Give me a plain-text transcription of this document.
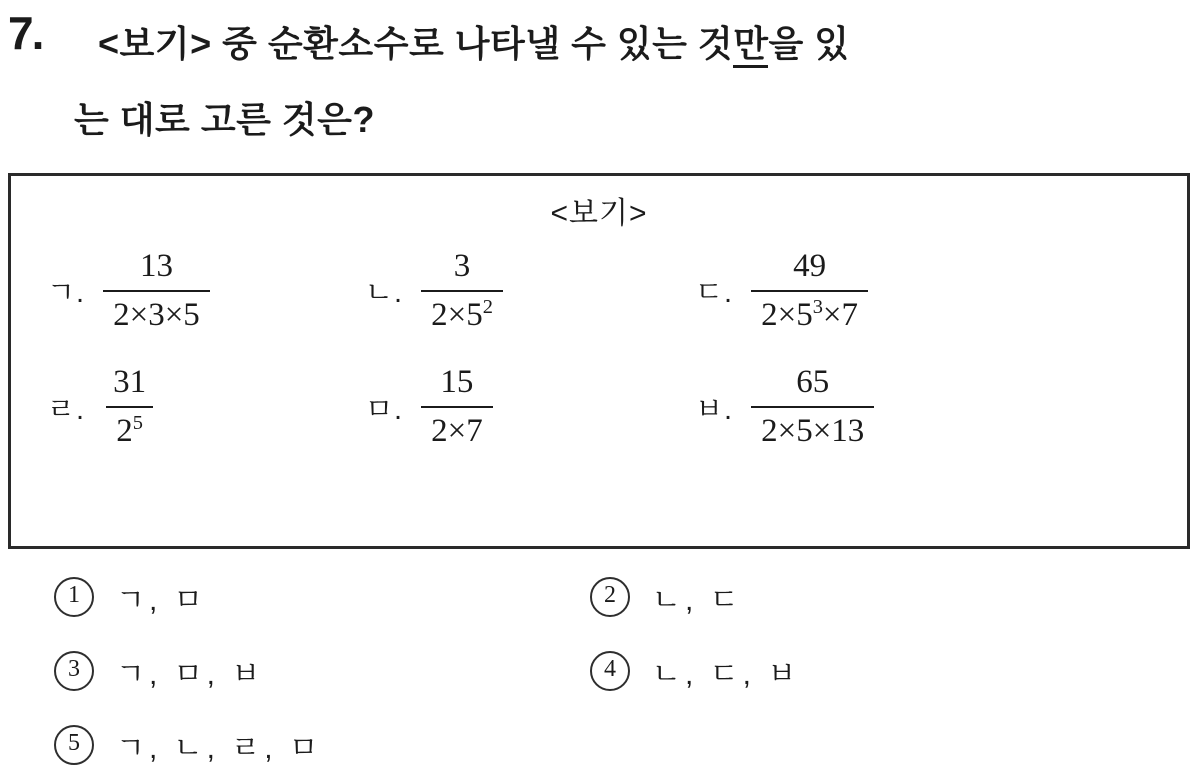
7.	<보기> 중 순환소수로 나타낼 수 있는 것만을 있
는 대로 고른 것은?
<보기>
ㄱ. $\frac{13}{2\times 3\times 5}$	ㄴ. $\frac{3}{2\times 5^2}$	ㄷ. $\frac{49}{2\times 5^3\times 7}$
ㄹ. $\frac{31}{2^5}$	ㅁ. $\frac{15}{2\times 7}$	ㅂ. $\frac{65}{2\times 5\times 13}$
1	ㄱ, ㅁ	2	ㄴ, ㄷ
3	ㄱ, ㅁ, ㅂ	4	ㄴ, ㄷ, ㅂ
5	ㄱ, ㄴ, ㄹ, ㅁ
